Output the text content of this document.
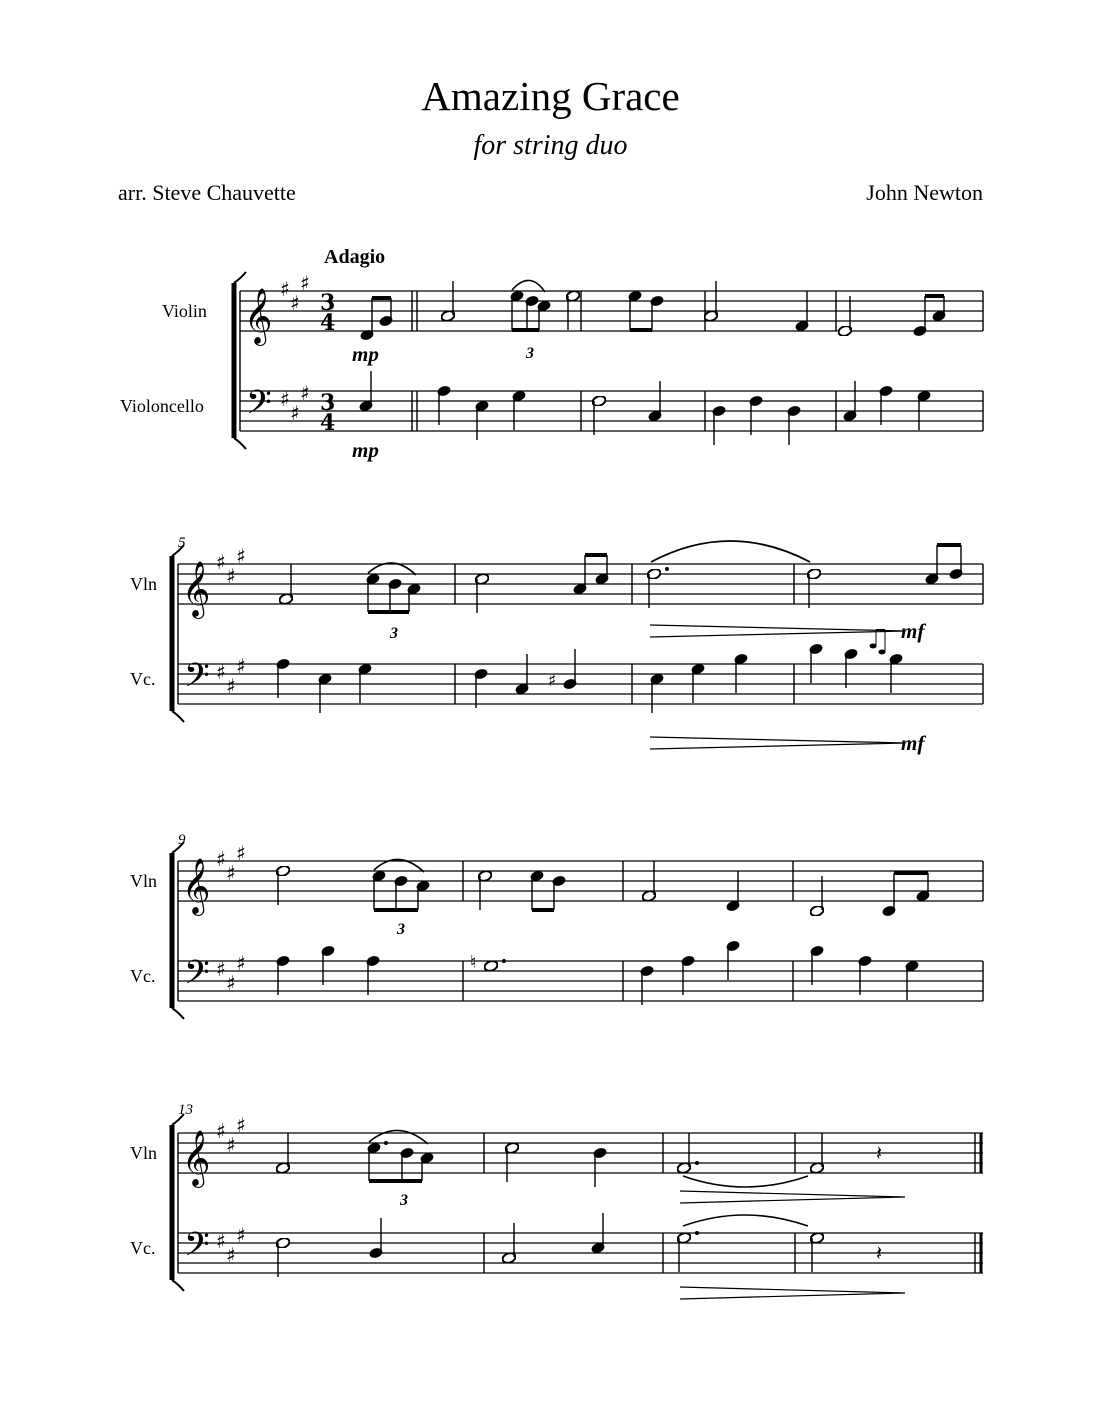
Amazing Grace
for string duo
arr. Steve Chauvette	John Newton
Adagio
Violin
Violoncello
𝄞
𝄢
♯
♯
♯
♯
♯
♯
3
4
3
4
3
mp
mp
5
Vln
Vc.
𝄞
𝄢
♯
♯
♯
♯
♯
♯
3	mf
♯
mf
9
Vln
Vc.
𝄞
𝄢
♯
♯
♯
♯
♯
♯
3
♮
13
Vln
Vc.
𝄞
𝄢
♯
♯
♯
♯
♯
♯
3
𝄽
𝄽
